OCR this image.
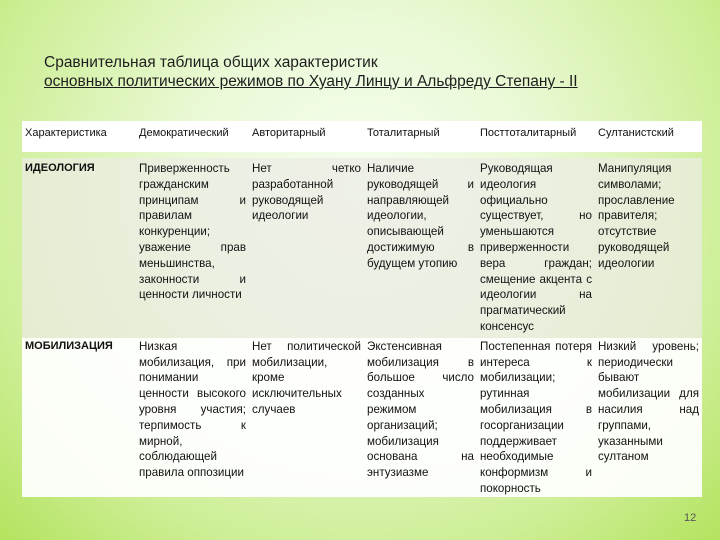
Сравнительная таблица общих характеристик
основных политических режимов по Хуану Линцу и Альфреду Степану - II
Характеристика	Демократический	Авторитарный	Тоталитарный	Посттоталитарный	Султанистский

ИДЕОЛОГИЯ	Приверженность гражданским принципам и правилам конкуренции; уважение прав меньшинства, законности и ценности личности	Нет четко разработанной руководящей идеологии	Наличие руководящей и направляющей идеологии, описывающей достижимую в будущем утопию	Руководящая идеология официально существует, но уменьшаются приверженности вера граждан; смещение акцента с идеологии на прагматический консенсус	Манипуляция символами; прославление правителя; отсутствие руководящей идеологии
МОБИЛИЗАЦИЯ	Низкая мобилизация, при понимании ценности высокого уровня участия; терпимость к мирной, соблюдающей правила оппозиции	Нет политической мобилизации, кроме исключительных случаев	Экстенсивная мобилизация в большое число созданных режимом организаций; мобилизация основана на энтузиазме	Постепенная потеря интереса к мобилизации; рутинная мобилизация в госорганизации поддерживает необходимые конформизм и покорность	Низкий уровень; периодически бывают мобилизации для насилия над группами, указанными султаном
12
